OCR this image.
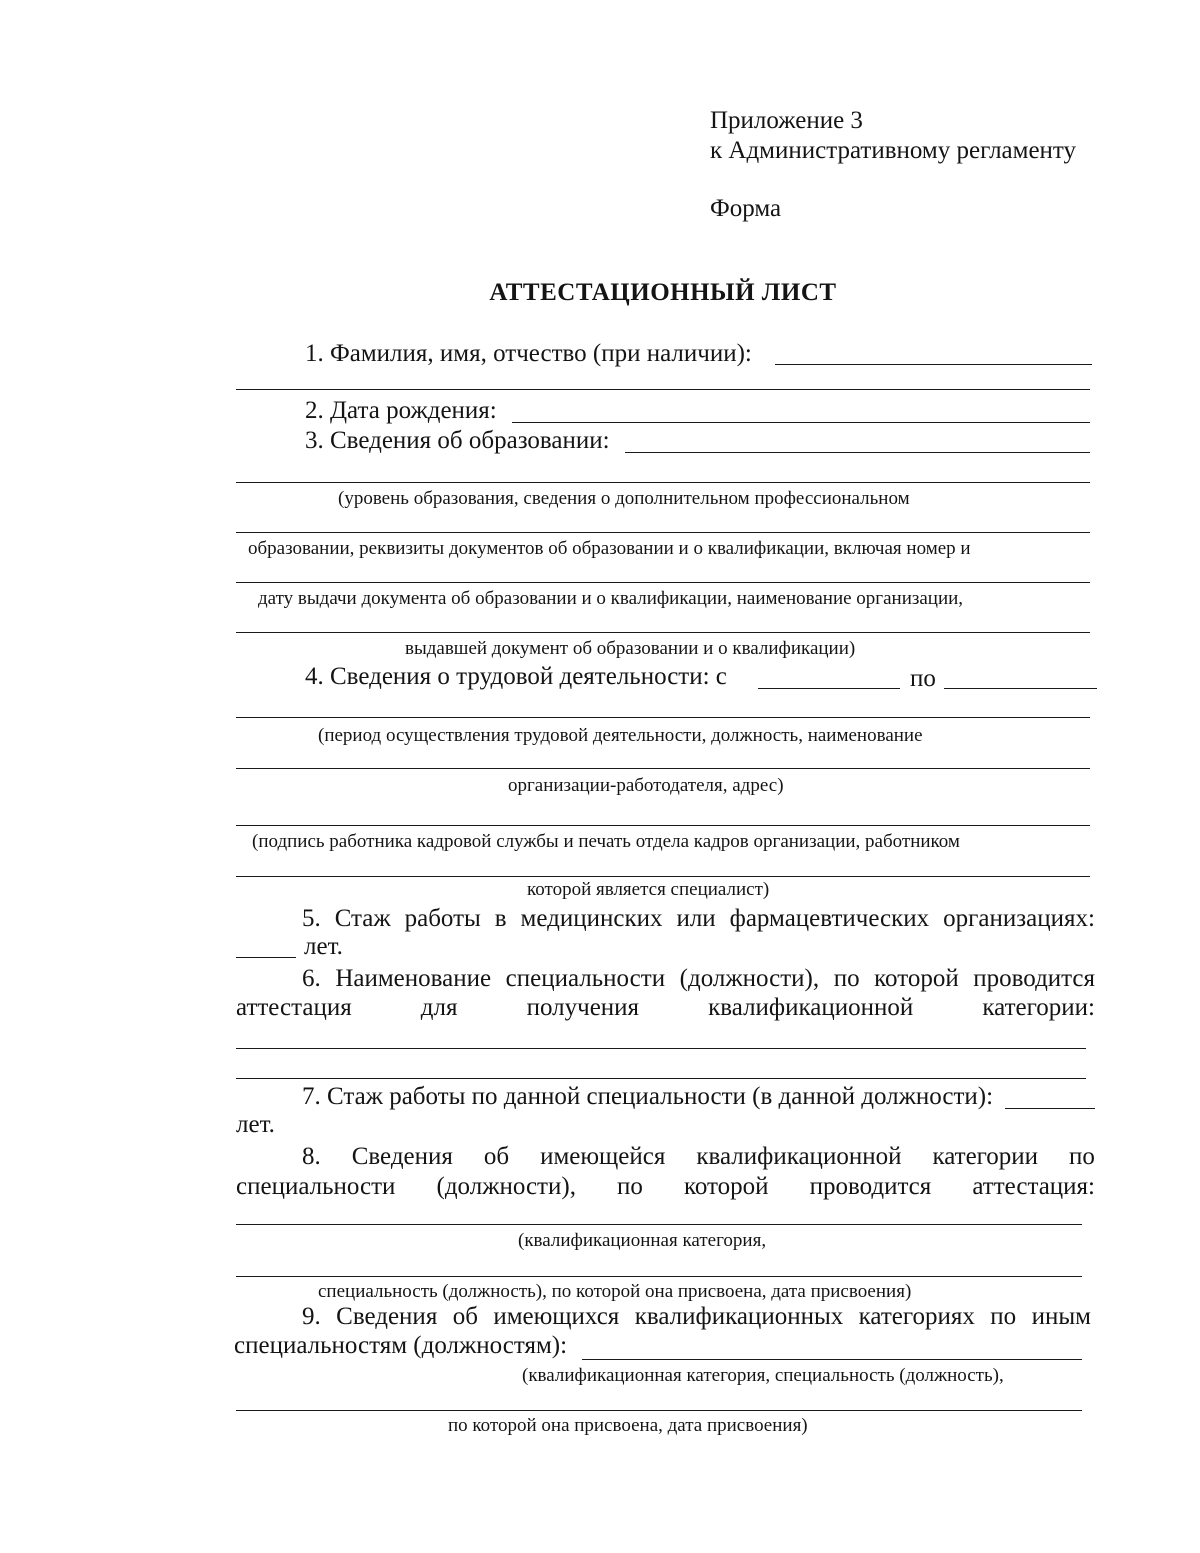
Приложение 3
к Административному регламенту
Форма
АТТЕСТАЦИОННЫЙ ЛИСТ
1. Фамилия, имя, отчество (при наличии):
2. Дата рождения:
3. Сведения об образовании:
(уровень образования, сведения о дополнительном профессиональном
образовании, реквизиты документов об образовании и о квалификации, включая номер и
дату выдачи документа об образовании и о квалификации, наименование организации,
выдавшей документ об образовании и о квалификации)
4. Сведения о трудовой деятельности: с	по
(период осуществления трудовой деятельности, должность, наименование
организации-работодателя, адрес)
(подпись работника кадровой службы и печать отдела кадров организации, работником
которой является специалист)
5. Стаж работы в медицинских или фармацевтических организациях:
лет.
6. Наименование специальности (должности), по которой проводится
аттестация	для	получения	квалификационной	категории:
7. Стаж работы по данной специальности (в данной должности):
лет.
8. Сведения об имеющейся квалификационной категории по
специальности (должности), по которой проводится аттестация:
(квалификационная категория,
специальность (должность), по которой она присвоена, дата присвоения)
9. Сведения об имеющихся квалификационных категориях по иным
специальностям (должностям):
(квалификационная категория, специальность (должность),
по которой она присвоена, дата присвоения)
